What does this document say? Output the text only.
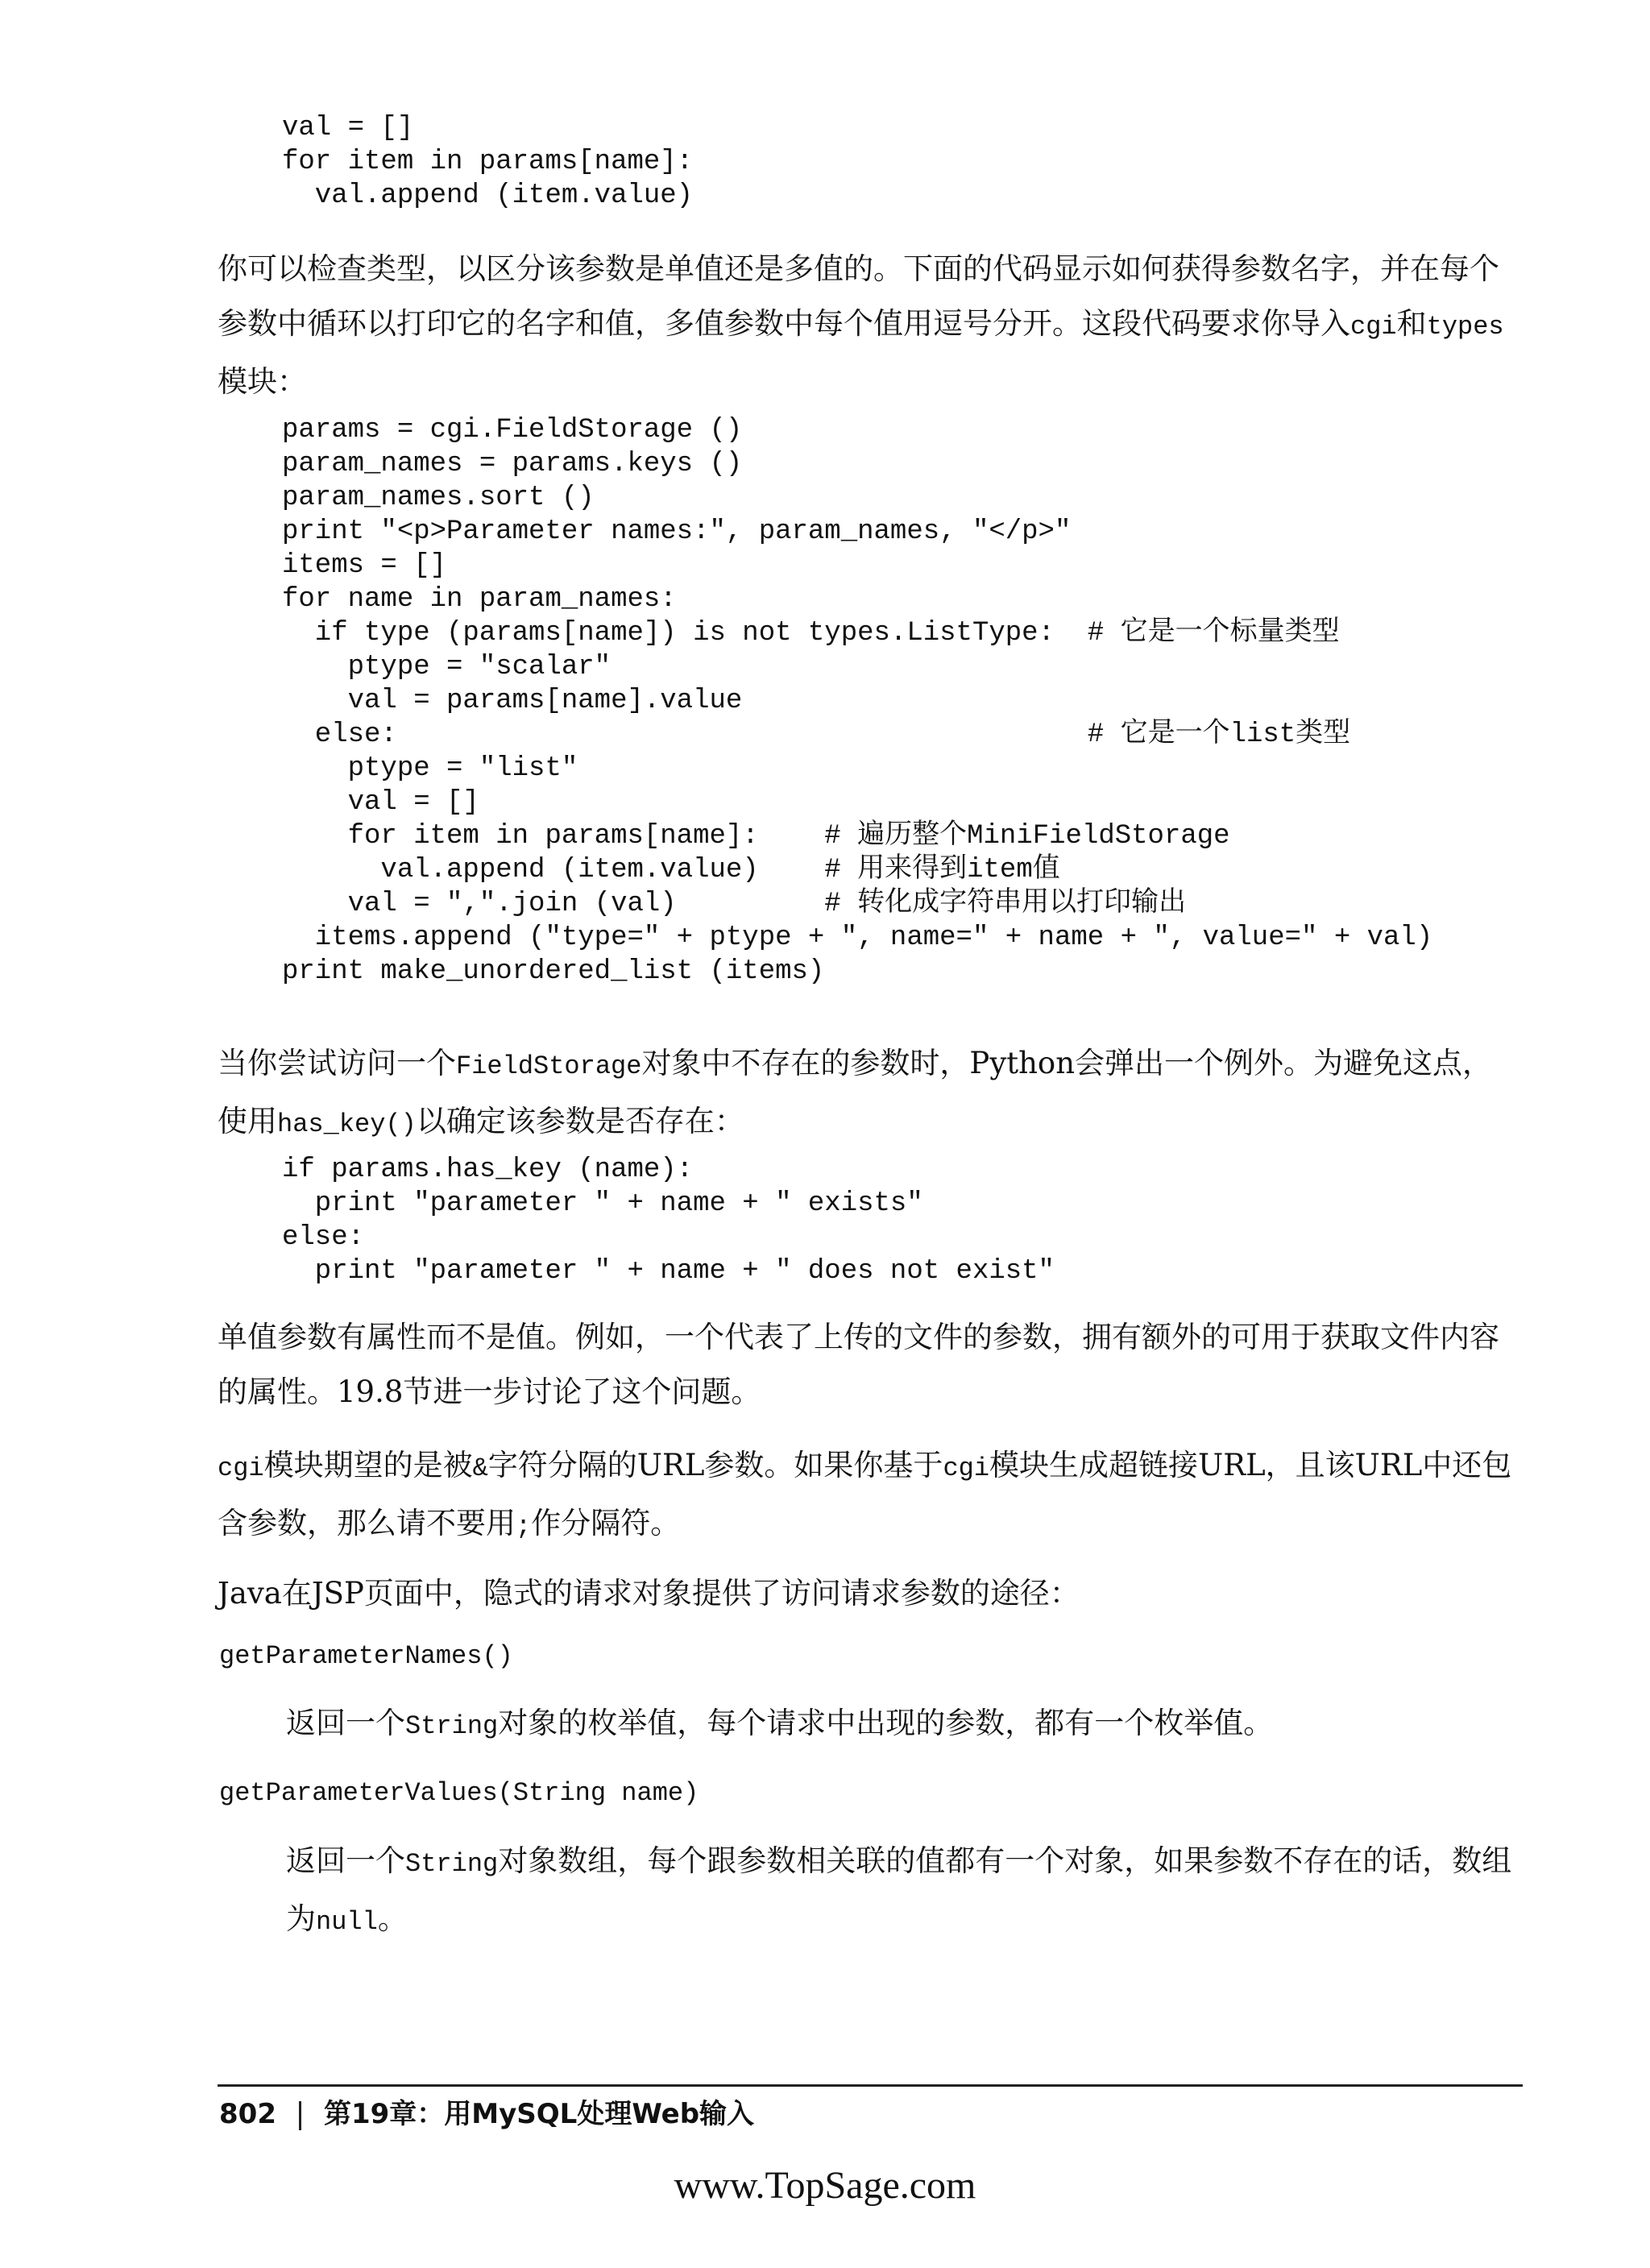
val = []
for item in params[name]:
val.append (item.value)

你可以检查类型，以区分该参数是单值还是多值的。下面的代码显示如何获得参数名字，并在每个参数中循环以打印它的名字和值，多值参数中每个值用逗号分开。这段代码要求你导入cgi和types模块：

params = cgi.FieldStorage ()
param_names = params.keys ()
param_names.sort ()
print "<p>Parameter names:", param_names, "</p>"
items = []
for name in param_names:
if type (params[name]) is not types.ListType:  # 它是一个标量类型
ptype = "scalar"
val = params[name].value
else:                                          # 它是一个list类型
ptype = "list"
val = []
for item in params[name]:    # 遍历整个MiniFieldStorage
val.append (item.value)    # 用来得到item值
val = ",".join (val)         # 转化成字符串用以打印输出
items.append ("type=" + ptype + ", name=" + name + ", value=" + val)
print make_unordered_list (items)

当你尝试访问一个FieldStorage对象中不存在的参数时，Python会弹出一个例外。为避免这点，使用has_key()以确定该参数是否存在：

if params.has_key (name):
print "parameter " + name + " exists"
else:
print "parameter " + name + " does not exist"

单值参数有属性而不是值。例如，一个代表了上传的文件的参数，拥有额外的可用于获取文件内容的属性。19.8节进一步讨论了这个问题。

cgi模块期望的是被&字符分隔的URL参数。如果你基于cgi模块生成超链接URL，且该URL中还包含参数，那么请不要用;作分隔符。

Java在JSP页面中，隐式的请求对象提供了访问请求参数的途径：

getParameterNames()

返回一个String对象的枚举值，每个请求中出现的参数，都有一个枚举值。

getParameterValues(String name)

返回一个String对象数组，每个跟参数相关联的值都有一个对象，如果参数不存在的话，数组为null。

802 第19章：用MySQL处理Web输入
www.TopSage.com
